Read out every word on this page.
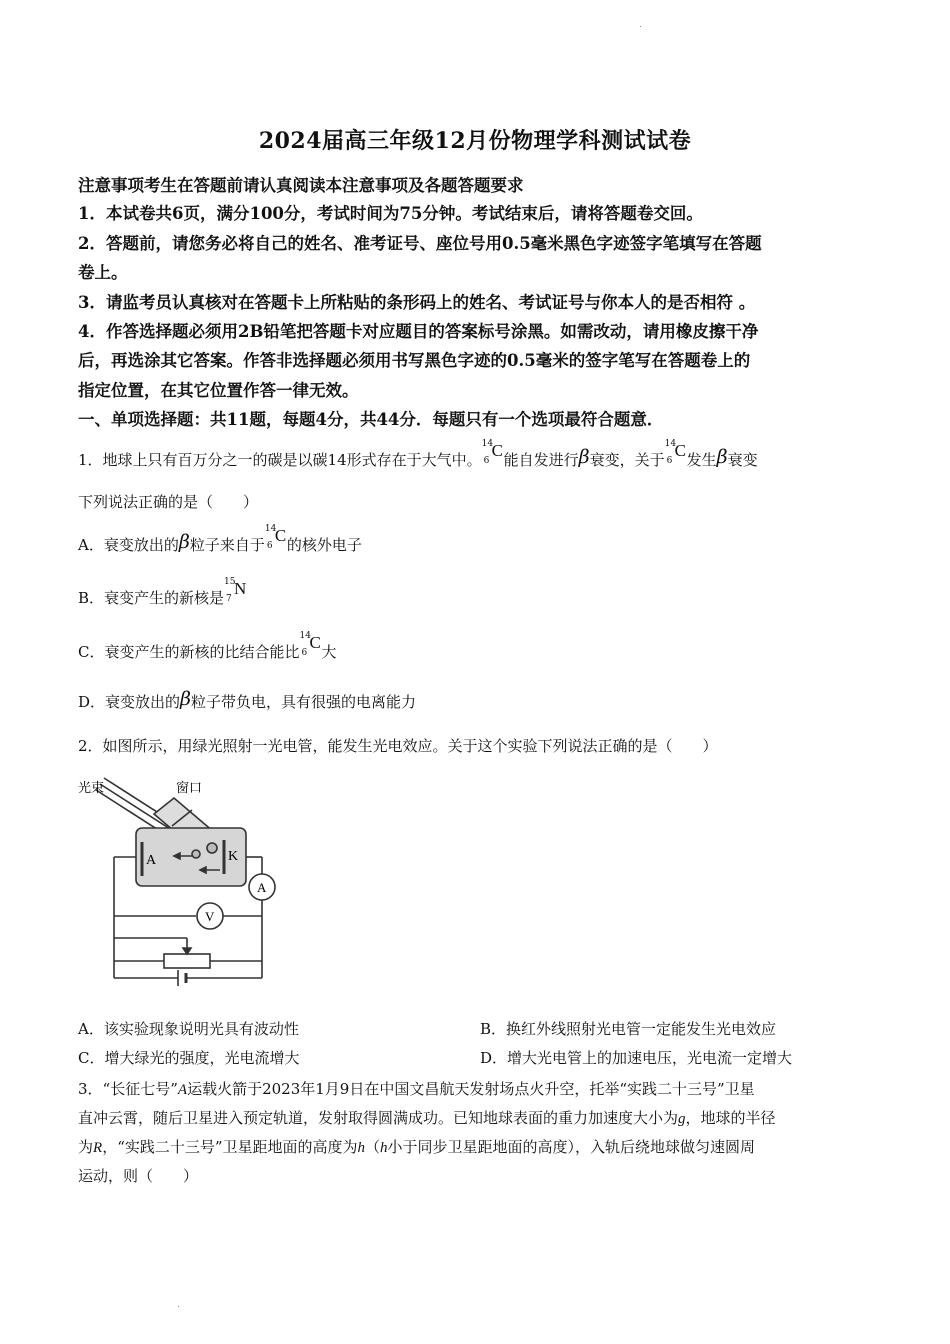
2024届高三年级12月份物理学科测试试卷
注意事项考生在答题前请认真阅读本注意事项及各题答题要求
1．本试卷共6页，满分100分，考试时间为75分钟。考试结束后，请将答题卷交回。
2．答题前，请您务必将自己的姓名、准考证号、座位号用0.5毫米黑色字迹签字笔填写在答题
卷上。
3．请监考员认真核对在答题卡上所粘贴的条形码上的姓名、考试证号与你本人的是否相符 。
4．作答选择题必须用2B铅笔把答题卡对应题目的答案标号涂黑。如需改动，请用橡皮擦干净
后，再选涂其它答案。作答非选择题必须用书写黑色字迹的0.5毫米的签字笔写在答题卷上的
指定位置，在其它位置作答一律无效。
一、单项选择题：共11题，每题4分，共44分．每题只有一个选项最符合题意．
1．地球上只有百万分之一的碳是以碳14形式存在于大气中。
14
6
C 能自发进行β衰变，关于
14
6
C 发生β衰变
下列说法正确的是（　　）
A．衰变放出的β粒子来自于
14
6
C 的核外电子
B．衰变产生的新核是
15
7
N
C．衰变产生的新核的比结合能比
14
6
C 大
D．衰变放出的β粒子带负电，具有很强的电离能力
2．如图所示，用绿光照射一光电管，能发生光电效应。关于这个实验下列说法正确的是（　　）
光束	窗口
A	K
A
V
A．该实验现象说明光具有波动性	B．换红外线照射光电管一定能发生光电效应
C．增大绿光的强度，光电流增大	D．增大光电管上的加速电压，光电流一定增大
3．“长征七号”A运载火箭于2023年1月9日在中国文昌航天发射场点火升空，托举“实践二十三号”卫星
直冲云霄，随后卫星进入预定轨道，发射取得圆满成功。已知地球表面的重力加速度大小为g，地球的半径
为R，“实践二十三号”卫星距地面的高度为h（h小于同步卫星距地面的高度），入轨后绕地球做匀速圆周
运动，则（　　）
